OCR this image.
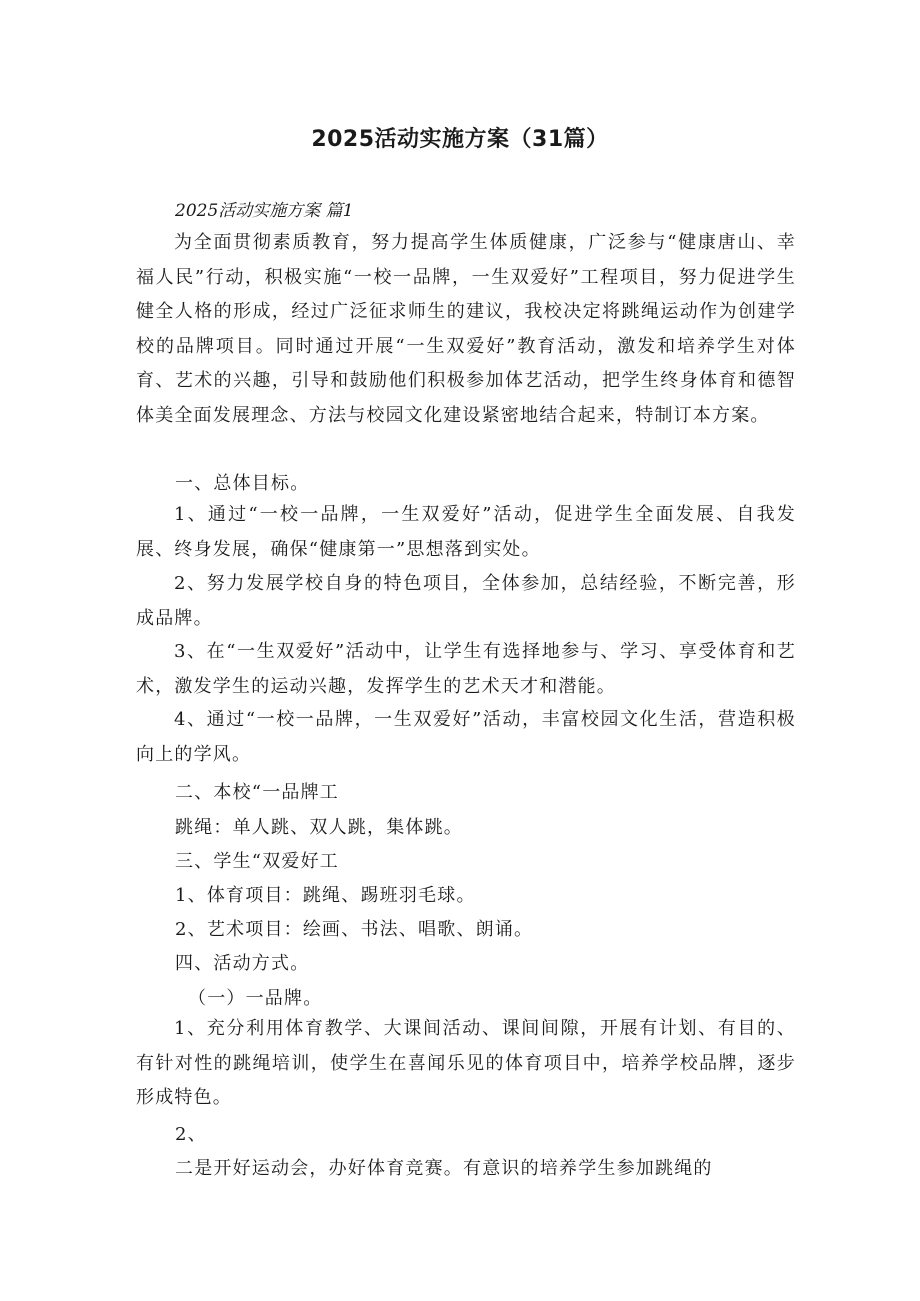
2025活动实施方案（31篇）
2025活动实施方案 篇1

为全面贯彻素质教育，努力提高学生体质健康，广泛参与“健康唐山、幸福人民”行动，积极实施“一校一品牌，一生双爱好”工程项目，努力促进学生健全人格的形成，经过广泛征求师生的建议，我校决定将跳绳运动作为创建学校的品牌项目。同时通过开展“一生双爱好”教育活动，激发和培养学生对体育、艺术的兴趣，引导和鼓励他们积极参加体艺活动，把学生终身体育和德智体美全面发展理念、方法与校园文化建设紧密地结合起来，特制订本方案。

一、总体目标。

1、通过“一校一品牌，一生双爱好”活动，促进学生全面发展、自我发展、终身发展，确保“健康第一”思想落到实处。

2、努力发展学校自身的特色项目，全体参加，总结经验，不断完善，形成品牌。

3、在“一生双爱好”活动中，让学生有选择地参与、学习、享受体育和艺术，激发学生的运动兴趣，发挥学生的艺术天才和潜能。

4、通过“一校一品牌，一生双爱好”活动，丰富校园文化生活，营造积极向上的学风。

二、本校“一品牌工
跳绳：单人跳、双人跳，集体跳。
三、学生“双爱好工
1、体育项目：跳绳、踢班羽毛球。
2、艺术项目：绘画、书法、唱歌、朗诵。
四、活动方式。
（一）一品牌。

1、充分利用体育教学、大课间活动、课间间隙，开展有计划、有目的、有针对性的跳绳培训，使学生在喜闻乐见的体育项目中，培养学校品牌，逐步形成特色。

2、
二是开好运动会，办好体育竞赛。有意识的培养学生参加跳绳的
